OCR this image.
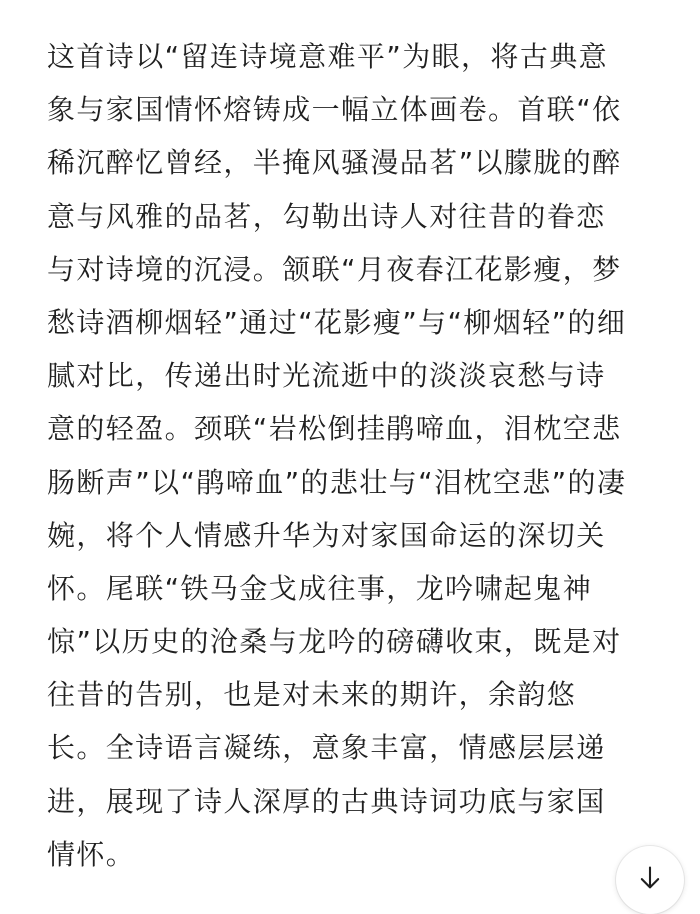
这首诗以“留连诗境意难平”为眼，将古典意
象与家国情怀熔铸成一幅立体画卷。首联“依
稀沉醉忆曾经，半掩风骚漫品茗”以朦胧的醉
意与风雅的品茗，勾勒出诗人对往昔的眷恋
与对诗境的沉浸。颔联“月夜春江花影瘦，梦
愁诗酒柳烟轻”通过“花影瘦”与“柳烟轻”的细
腻对比，传递出时光流逝中的淡淡哀愁与诗
意的轻盈。颈联“岩松倒挂鹃啼血，泪枕空悲
肠断声”以“鹃啼血”的悲壮与“泪枕空悲”的凄
婉，将个人情感升华为对家国命运的深切关
怀。尾联“铁马金戈成往事，龙吟啸起鬼神
惊”以历史的沧桑与龙吟的磅礴收束，既是对
往昔的告别，也是对未来的期许，余韵悠
长。全诗语言凝练，意象丰富，情感层层递
进，展现了诗人深厚的古典诗词功底与家国
情怀。
